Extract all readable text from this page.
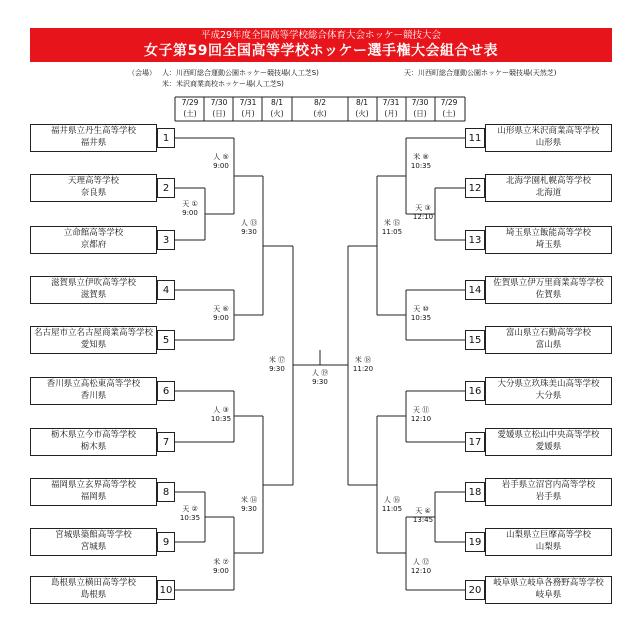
平成29年度全国高等学校総合体育大会ホッケー競技大会
女子第59回全国高等学校ホッケー選手権大会組合せ表
（会場） 人：川西町総合運動公園ホッケー競技場(人工芝S)
米：米沢商業高校ホッケー場(人工芝S)
天：川西町総合運動公園ホッケー競技場(天然芝)
7/29
(土)
7/30
(日)
7/31
(月)
8/1
(火)
8/2
(水)
8/1
(火)
7/31
(月)
7/30
(日)
7/29
(土)
福井県立丹生高等学校
福井県	1
天理高等学校
奈良県	2
立命館高等学校
京都府	3
滋賀県立伊吹高等学校
滋賀県	4
名古屋市立名古屋商業高等学校
愛知県	5
香川県立高松東高等学校
香川県	6
栃木県立今市高等学校
栃木県	7
福岡県立玄界高等学校
福岡県	8
宮城県築館高等学校
宮城県	9
島根県立横田高等学校
島根県	10
11
山形県立米沢商業高等学校
山形県
12
北海学園札幌高等学校
北海道
13
埼玉県立飯能高等学校
埼玉県
14
佐賀県立伊万里商業高等学校
佐賀県
15
富山県立石動高等学校
富山県
16
大分県立玖珠美山高等学校
大分県
17
愛媛県立松山中央高等学校
愛媛県
18
岩手県立沼宮内高等学校
岩手県
19
山梨県立巨摩高等学校
山梨県
20
岐阜県立岐阜各務野高等学校
岐阜県
人 ⑤
9:00
天 ①
9:00
人 ⑬
9:30
天 ⑥
9:00
米 ⑰
9:30	人 ⑲
9:30
人 ③
10:35
天 ②
10:35
米 ⑭
9:30
米 ⑦
9:00
米 ⑱
11:20
米 ⑧
10:35
天 ③
12:10
米 ⑮
11:05
天 ⑩
10:35
天 ⑪
12:10
人 ⑯
11:05	天 ④
13:45
人 ⑫
12:10
